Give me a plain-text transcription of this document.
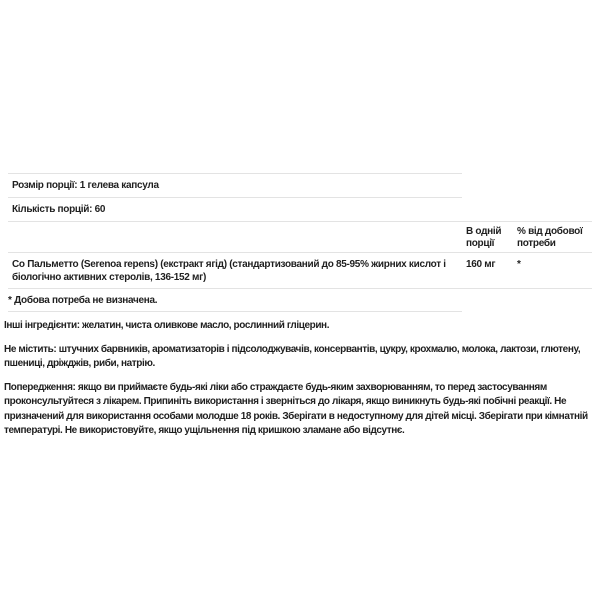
Розмір порції: 1 гелева капсула
Кількість порцій: 60
В одній порції
% від добової потреби
Со Пальметто (Serenoa repens) (екстракт ягід) (стандартизований до 85-95% жирних кислот і біологічно активних стеролів, 136-152 мг)
160 мг	*
* Добова потреба не визначена.

Інші інгредієнти: желатин, чиста оливкове масло, рослинний гліцерин.

Не містить: штучних барвників, ароматизаторів і підсолоджувачів, консервантів, цукру, крохмалю, молока, лактози, глютену, пшениці, дріжджів, риби, натрію.

Попередження: якщо ви приймаєте будь-які ліки або страждаєте будь-яким захворюванням, то перед застосуванням проконсультуйтеся з лікарем. Припиніть використання і зверніться до лікаря, якщо виникнуть будь-які побічні реакції. Не призначений для використання особами молодше 18 років. Зберігати в недоступному для дітей місці. Зберігати при кімнатній температурі. Не використовуйте, якщо ущільнення під кришкою зламане або відсутнє.
